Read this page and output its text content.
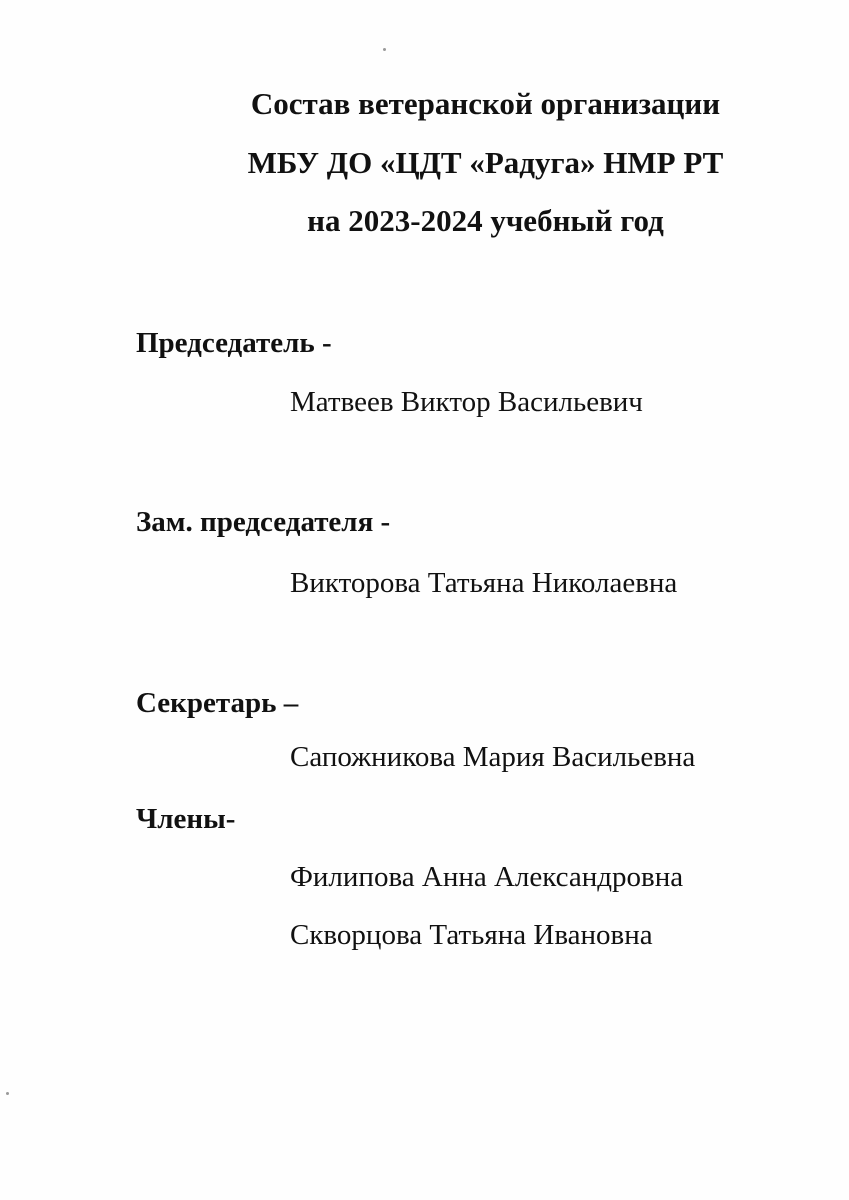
Состав ветеранской организации
МБУ ДО «ЦДТ «Радуга» НМР РТ
на 2023-2024 учебный год
Председатель -
Матвеев Виктор Васильевич
Зам. председателя -
Викторова Татьяна Николаевна
Секретарь –
Сапожникова Мария Васильевна
Члены-
Филипова Анна Александровна
Скворцова Татьяна Ивановна
